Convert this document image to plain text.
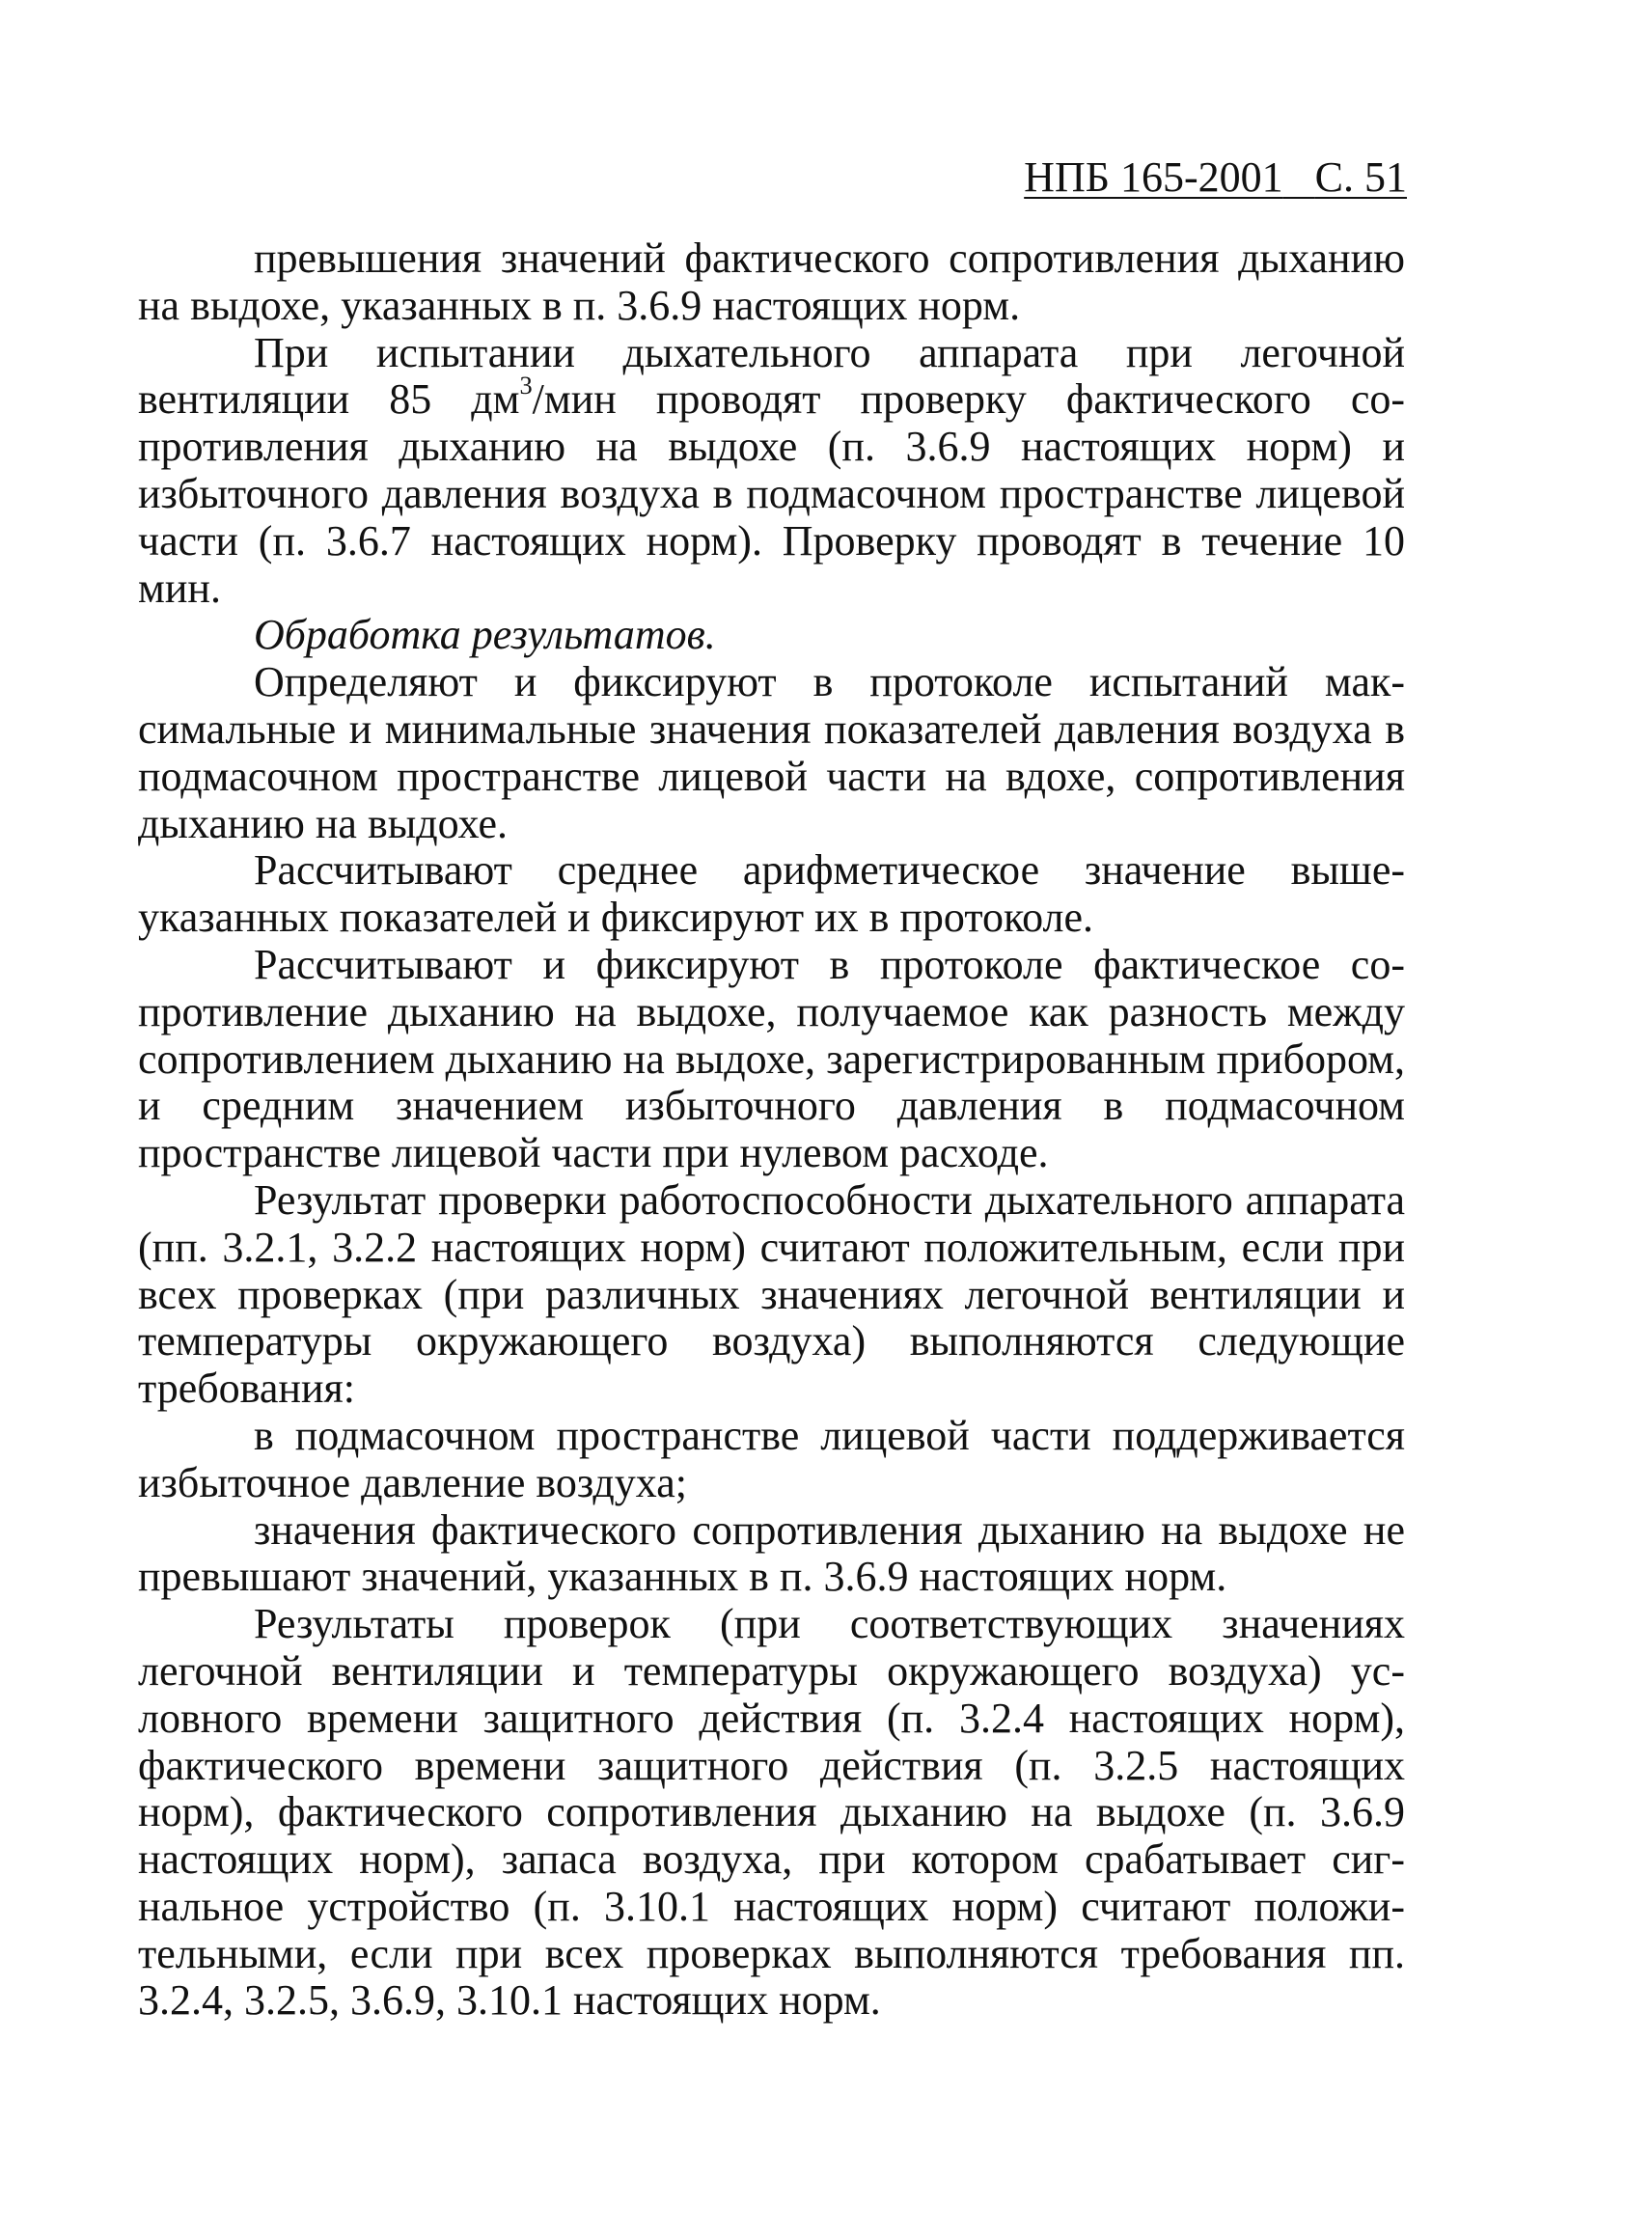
НПБ 165-2001 С. 51

превышения значений фактического сопротивления дыханию на выдохе, указанных в п. 3.6.9 настоящих норм.

При испытании дыхательного аппарата при легочной вентиляции 85 $дм^3$/мин проводят проверку фактического сопротивления дыханию на выдохе (п. 3.6.9 настоящих норм) и избыточного давления воздуха в подмасочном пространстве лицевой части (п. 3.6.7 настоящих норм). Проверку проводят в течение 10 мин.

Обработка результатов.

Определяют и фиксируют в протоколе испытаний максимальные и минимальные значения показателей давления воздуха в подмасочном пространстве лицевой части на вдохе, сопротивления дыханию на выдохе.

Рассчитывают среднее арифметическое значение вышеуказанных показателей и фиксируют их в протоколе.

Рассчитывают и фиксируют в протоколе фактическое сопротивление дыханию на выдохе, получаемое как разность между сопротивлением дыханию на выдохе, зарегистрированным прибором, и средним значением избыточного давления в подмасочном пространстве лицевой части при нулевом расходе.

Результат проверки работоспособности дыхательного аппарата (пп. 3.2.1, 3.2.2 настоящих норм) считают положительным, если при всех проверках (при различных значениях легочной вентиляции и температуры окружающего воздуха) выполняются следующие требования:

в подмасочном пространстве лицевой части поддерживается избыточное давление воздуха;

значения фактического сопротивления дыханию на выдохе не превышают значений, указанных в п. 3.6.9 настоящих норм.

Результаты проверок (при соответствующих значениях легочной вентиляции и температуры окружающего воздуха) условного времени защитного действия (п. 3.2.4 настоящих норм), фактического времени защитного действия (п. 3.2.5 настоящих норм), фактического сопротивления дыханию на выдохе (п. 3.6.9 настоящих норм), запаса воздуха, при котором срабатывает сигнальное устройство (п. 3.10.1 настоящих норм) считают положительными, если при всех проверках выполняются требования пп. 3.2.4, 3.2.5, 3.6.9, 3.10.1 настоящих норм.
